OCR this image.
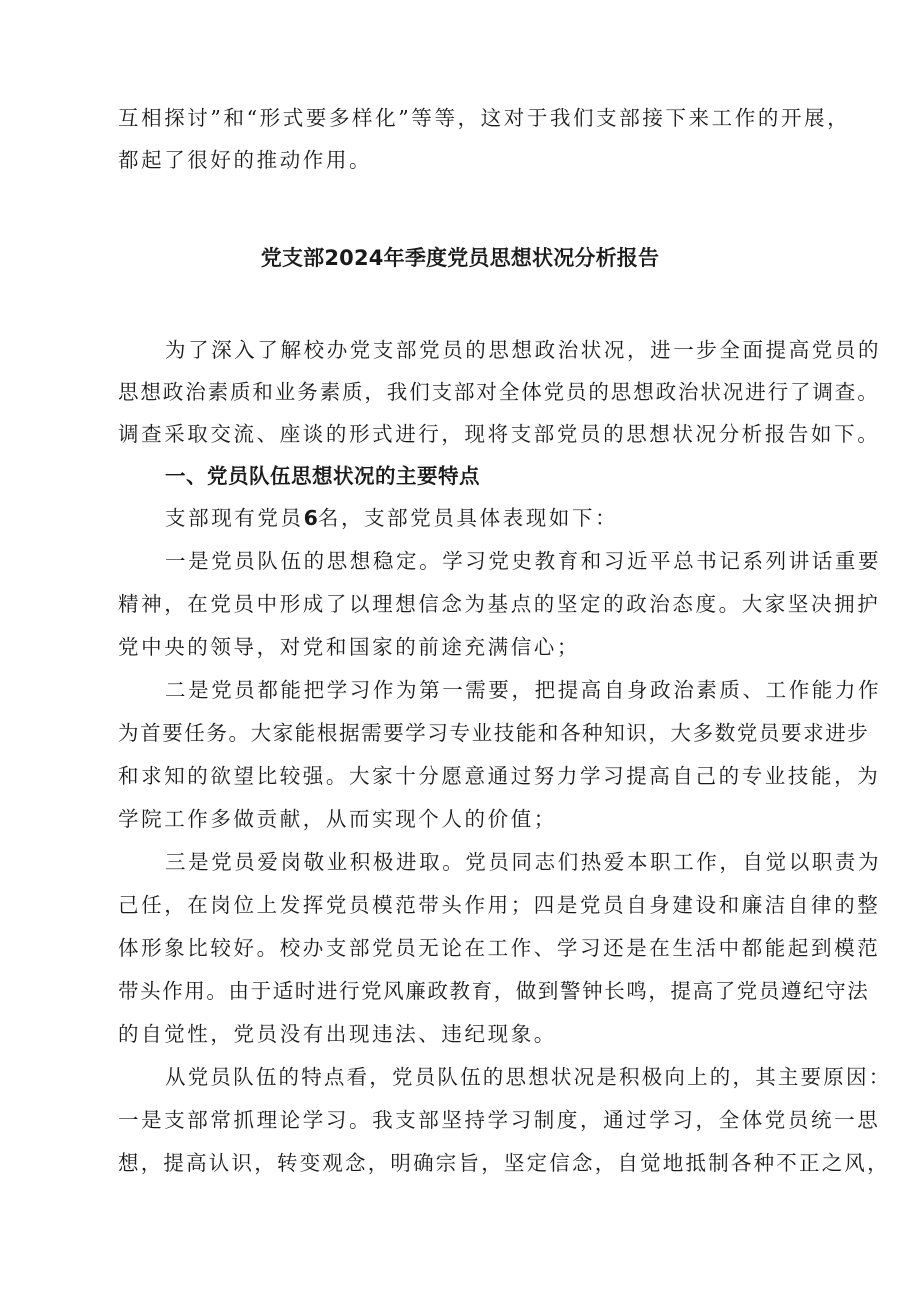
互相探讨”和“形式要多样化”等等，这对于我们支部接下来工作的开展，
都起了很好的推动作用。
党支部2024年季度党员思想状况分析报告
为了深入了解校办党支部党员的思想政治状况，进一步全面提高党员的
思想政治素质和业务素质，我们支部对全体党员的思想政治状况进行了调查。
调查采取交流、座谈的形式进行，现将支部党员的思想状况分析报告如下。
一、党员队伍思想状况的主要特点
支部现有党员6名，支部党员具体表现如下：
一是党员队伍的思想稳定。学习党史教育和习近平总书记系列讲话重要
精神，在党员中形成了以理想信念为基点的坚定的政治态度。大家坚决拥护
党中央的领导，对党和国家的前途充满信心；
二是党员都能把学习作为第一需要，把提高自身政治素质、工作能力作
为首要任务。大家能根据需要学习专业技能和各种知识，大多数党员要求进步
和求知的欲望比较强。大家十分愿意通过努力学习提高自己的专业技能，为
学院工作多做贡献，从而实现个人的价值；
三是党员爱岗敬业积极进取。党员同志们热爱本职工作，自觉以职责为
己任，在岗位上发挥党员模范带头作用；四是党员自身建设和廉洁自律的整
体形象比较好。校办支部党员无论在工作、学习还是在生活中都能起到模范
带头作用。由于适时进行党风廉政教育，做到警钟长鸣，提高了党员遵纪守法
的自觉性，党员没有出现违法、违纪现象。
从党员队伍的特点看，党员队伍的思想状况是积极向上的，其主要原因：
一是支部常抓理论学习。我支部坚持学习制度，通过学习，全体党员统一思
想，提高认识，转变观念，明确宗旨，坚定信念，自觉地抵制各种不正之风，
